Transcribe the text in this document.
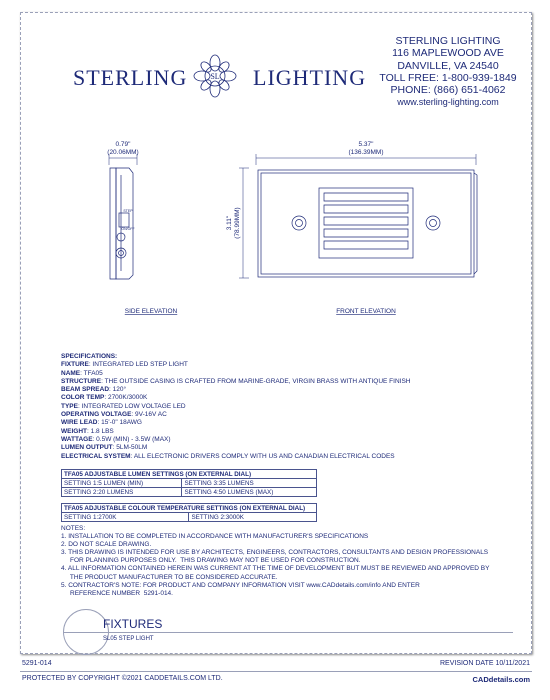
STERLING	SL LIGHTING
STERLING LIGHTING
116 MAPLEWOOD AVE
DANVILLE, VA 24540
TOLL FREE: 1-800-939-1849
PHONE: (866) 651-4062
www.sterling-lighting.com
0.79"
(20.06MM)
STEP
ON/OFF
5.37"
(136.39MM)
3.11" (78.99MM)
SIDE ELEVATION	FRONT ELEVATION
SPECIFICATIONS:
FIXTURE: INTEGRATED LED STEP LIGHT
NAME: TFA05
STRUCTURE: THE OUTSIDE CASING IS CRAFTED FROM MARINE-GRADE, VIRGIN BRASS WITH ANTIQUE FINISH
BEAM SPREAD: 120°
COLOR TEMP: 2700K/3000K
TYPE: INTEGRATED LOW VOLTAGE LED
OPERATING VOLTAGE: 9V-16V AC
WIRE LEAD: 15'-0" 18AWG
WEIGHT: 1.8 LBS
WATTAGE: 0.5W (MIN) - 3.5W (MAX)
LUMEN OUTPUT: 5LM-50LM
ELECTRICAL SYSTEM: ALL ELECTRONIC DRIVERS COMPLY WITH US AND CANADIAN ELECTRICAL CODES
TFA05 ADJUSTABLE LUMEN SETTINGS (ON EXTERNAL DIAL)	
SETTING 1:5 LUMEN (MIN)	SETTING 3:35 LUMENS
SETTING 2:20 LUMENS	SETTING 4:50 LUMENS (MAX)
TFA05 ADJUSTABLE COLOUR TEMPERATURE SETTINGS (ON EXTERNAL DIAL)
SETTING 1:2700K	SETTING 2:3000K
NOTES:
1. INSTALLATION TO BE COMPLETED IN ACCORDANCE WITH MANUFACTURER'S SPECIFICATIONS
2. DO NOT SCALE DRAWING.
3. THIS DRAWING IS INTENDED FOR USE BY ARCHITECTS, ENGINEERS, CONTRACTORS, CONSULTANTS AND DESIGN PROFESSIONALS
FOR PLANNING PURPOSES ONLY.  THIS DRAWING MAY NOT BE USED FOR CONSTRUCTION.
4. ALL INFORMATION CONTAINED HEREIN WAS CURRENT AT THE TIME OF DEVELOPMENT BUT MUST BE REVIEWED AND APPROVED BY
THE PRODUCT MANUFACTURER TO BE CONSIDERED ACCURATE.
5. CONTRACTOR'S NOTE: FOR PRODUCT AND COMPANY INFORMATION VISIT www.CADdetails.com/info AND ENTER
REFERENCE NUMBER  5291-014.
FIXTURES
SL05 STEP LIGHT
5291-014	REVISION DATE 10/11/2021
PROTECTED BY COPYRIGHT ©2021 CADDETAILS.COM LTD.	CADdetails.com
